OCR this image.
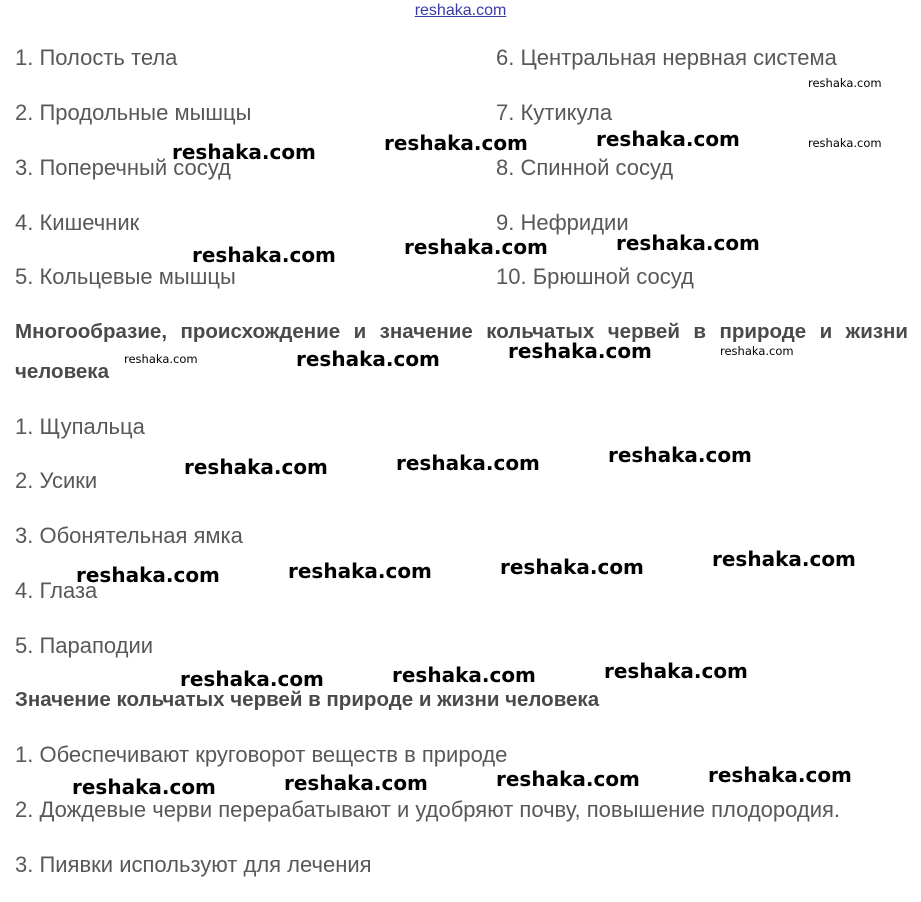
reshaka.com
1. Полость тела
2. Продольные мышцы
3. Поперечный сосуд
4. Кишечник
5. Кольцевые мышцы
6. Центральная нервная система
7. Кутикула
8. Спинной сосуд
9. Нефридии
10. Брюшной сосуд
Многообразие, происхождение и значение кольчатых червей в природе и жизни человека
1. Щупальца
2. Усики
3. Обонятельная ямка
4. Глаза
5. Параподии
Значение кольчатых червей в природе и жизни человека
1. Обеспечивают круговорот веществ в природе
2. Дождевые черви перерабатывают и удобряют почву, повышение плодородия.
3. Пиявки используют для лечения
reshaka.com	reshaka.com	reshaka.com
reshaka.com	reshaka.com	reshaka.com
reshaka.com	reshaka.com
reshaka.com	reshaka.com	reshaka.com
reshaka.com	reshaka.com	reshaka.com	reshaka.com
reshaka.com	reshaka.com	reshaka.com
reshaka.com	reshaka.com	reshaka.com	reshaka.com
reshaka.com
reshaka.com
reshaka.com
reshaka.com
